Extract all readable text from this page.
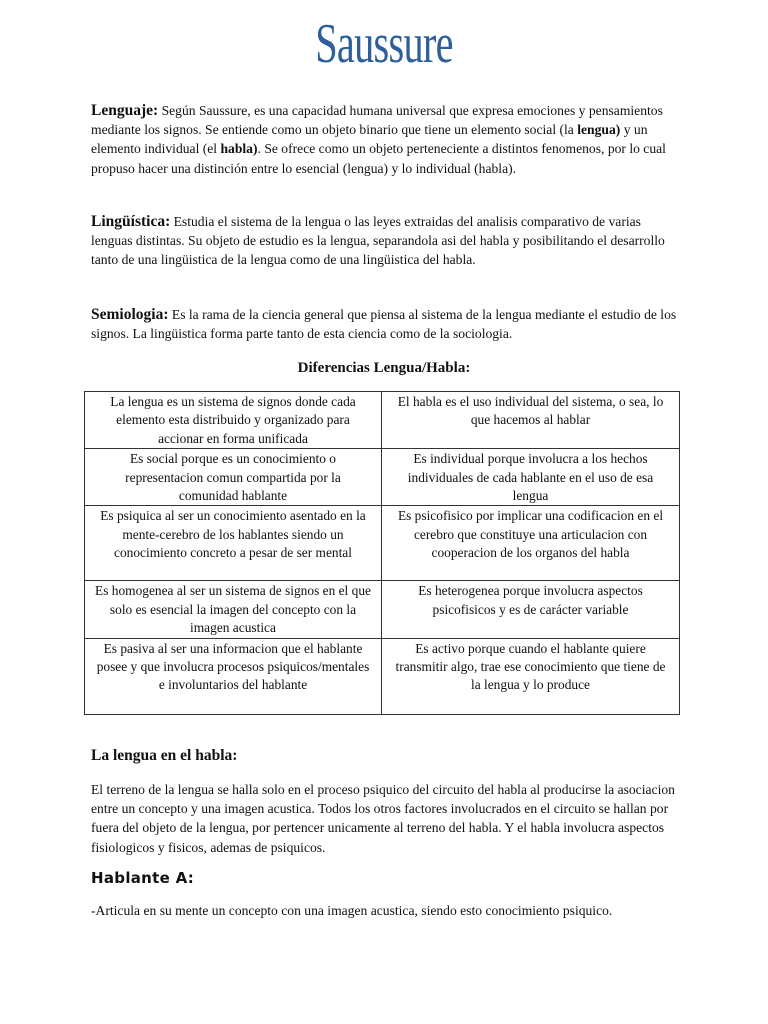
Saussure
Lenguaje: Según Saussure, es una capacidad humana universal que expresa emociones y pensamientos mediante los signos. Se entiende como un objeto binario que tiene un elemento social (la lengua) y un elemento individual (el habla). Se ofrece como un objeto perteneciente a distintos fenomenos, por lo cual propuso hacer una distinción entre lo esencial (lengua) y lo individual (habla).
Lingüística: Estudia el sistema de la lengua o las leyes extraidas del analisis comparativo de varias lenguas distintas. Su objeto de estudio es la lengua, separandola asi del habla y posibilitando el desarrollo tanto de una lingüistica de la lengua como de una lingüistica del habla.
Semiologia: Es la rama de la ciencia general que piensa al sistema de la lengua mediante el estudio de los signos. La lingüistica forma parte tanto de esta ciencia como de la sociologia.
Diferencias Lengua/Habla:
La lengua es un sistema de signos donde cada elemento esta distribuido y organizado para accionar en forma unificada	El habla es el uso individual del sistema, o sea, lo que hacemos al hablar
Es social porque es un conocimiento o representacion comun compartida por la comunidad hablante	Es individual porque involucra a los hechos individuales de cada hablante en el uso de esa lengua
Es psiquica al ser un conocimiento asentado en la mente-cerebro de los hablantes siendo un conocimiento concreto a pesar de ser mental	Es psicofisico por implicar una codificacion en el cerebro que constituye una articulacion con cooperacion de los organos del habla
Es homogenea al ser un sistema de signos en el que solo es esencial la imagen del concepto con la imagen acustica	Es heterogenea porque involucra aspectos psicofisicos y es de carácter variable
Es pasiva al ser una informacion que el hablante posee y que involucra procesos psiquicos/mentales e involuntarios del hablante	Es activo porque cuando el hablante quiere transmitir algo, trae ese conocimiento que tiene de la lengua y lo produce
La lengua en el habla:
El terreno de la lengua se halla solo en el proceso psiquico del circuito del habla al producirse la asociacion entre un concepto y una imagen acustica. Todos los otros factores involucrados en el circuito se hallan por fuera del objeto de la lengua, por pertencer unicamente al terreno del habla. Y el habla involucra aspectos fisiologicos y fisicos, ademas de psiquicos.
Hablante A:
-Articula en su mente un concepto con una imagen acustica, siendo esto conocimiento psiquico.
